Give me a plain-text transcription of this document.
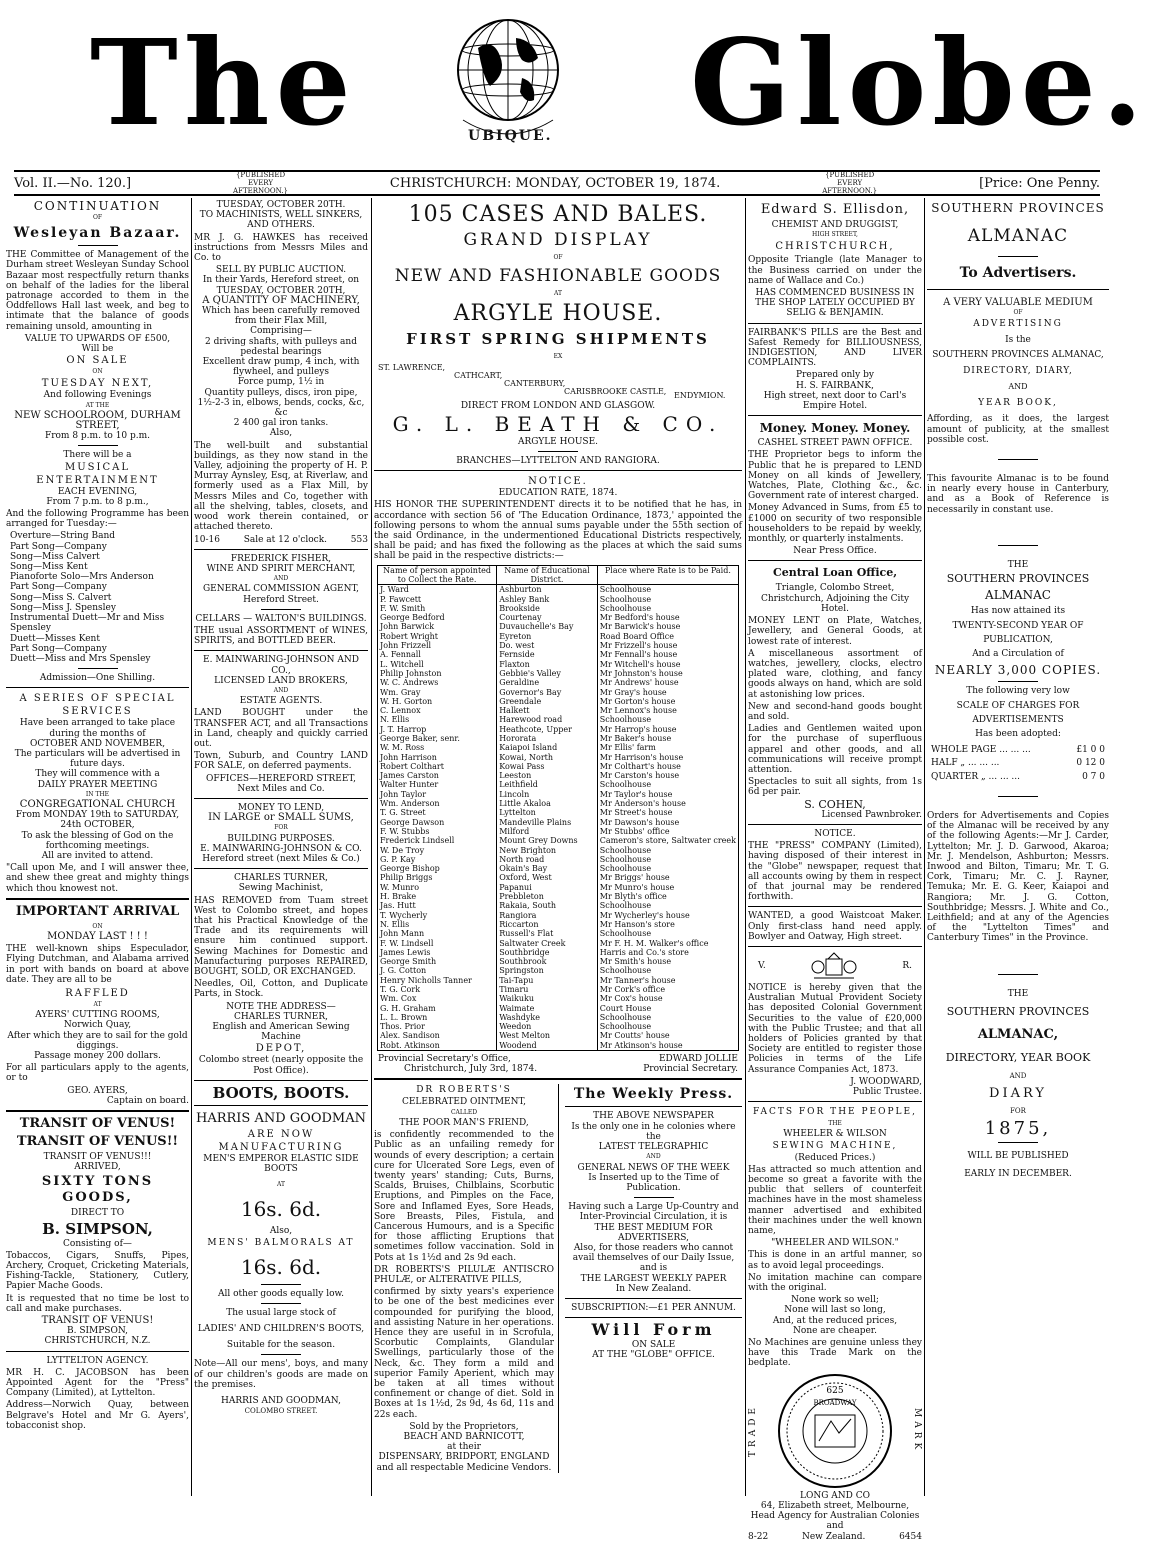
The	UBIQUE. Globe.
Vol. II.—No. 120.]
{PUBLISHED EVERY AFTERNOON.}
CHRISTCHURCH: MONDAY, OCTOBER 19, 1874.
{PUBLISHED EVERY AFTERNOON.}
[Price: One Penny.
CONTINUATION
OF
Wesleyan Bazaar.

THE Committee of Management of the Durham street Wesleyan Sunday School Bazaar most respectfully return thanks on behalf of the ladies for the liberal patronage accorded to them in the Oddfellows Hall last week, and beg to intimate that the balance of goods remaining unsold, amounting in

VALUE TO UPWARDS OF £500,
Will be
ON SALE
ON
TUESDAY NEXT,
And following Evenings
AT THE
NEW SCHOOLROOM, DURHAM STREET,
From 8 p.m. to 10 p.m.
There will be a
MUSICAL ENTERTAINMENT
EACH EVENING,
From 7 p.m. to 8 p.m.,

And the following Programme has been arranged for Tuesday:—

Overture—String Band
Part Song—Company
Song—Miss Calvert
Song—Miss Kent
Pianoforte Solo—Mrs Anderson
Part Song—Company
Song—Miss S. Calvert
Song—Miss J. Spensley
Instrumental Duett—Mr and Miss Spensley
Duett—Misses Kent
Part Song—Company
Duett—Miss and Mrs Spensley
Admission—One Shilling.
A SERIES OF SPECIAL SERVICES
Have been arranged to take place during the months of
OCTOBER AND NOVEMBER,
The particulars will be advertised in future days.
They will commence with a
DAILY PRAYER MEETING
IN THE
CONGREGATIONAL CHURCH
From MONDAY 19th to SATURDAY, 24th OCTOBER,
To ask the blessing of God on the forthcoming meetings.
All are invited to attend.

"Call upon Me, and I will answer thee, and shew thee great and mighty things which thou knowest not.

IMPORTANT ARRIVAL
ON
MONDAY LAST ! ! !

THE well-known ships Especulador, Flying Dutchman, and Alabama arrived in port with bands on board at above date. They are all to be

RAFFLED
AT
AYERS' CUTTING ROOMS,
Norwich Quay,
After which they are to sail for the gold diggings.
Passage money 200 dollars.

For all particulars apply to the agents, or to

GEO. AYERS,
Captain on board.
TRANSIT OF VENUS!
TRANSIT OF VENUS!!
TRANSIT OF VENUS!!!
ARRIVED,
SIXTY TONS GOODS,
DIRECT TO
B. SIMPSON,
Consisting of—

Tobaccos, Cigars, Snuffs, Pipes, Archery, Croquet, Cricketing Materials, Fishing-Tackle, Stationery, Cutlery, Papier Mache Goods.

It is requested that no time be lost to call and make purchases.

TRANSIT OF VENUS!
B. SIMPSON,
CHRISTCHURCH, N.Z.
LYTTELTON AGENCY.

MR H. C. JACOBSON has been Appointed Agent for the "Press" Company (Limited), at Lyttelton.

Address—Norwich Quay, between Belgrave's Hotel and Mr G. Ayers', tobacconist shop.

TUESDAY, OCTOBER 20TH.
TO MACHINISTS, WELL SINKERS, AND OTHERS.

MR J. G. HAWKES has received instructions from Messrs Miles and Co. to

SELL BY PUBLIC AUCTION.
In their Yards, Hereford street, on TUESDAY, OCTOBER 20TH,
A QUANTITY OF MACHINERY,
Which has been carefully removed from their Flax Mill,
Comprising—
2 driving shafts, with pulleys and pedestal bearings
Excellent draw pump, 4 inch, with flywheel, and pulleys
Force pump, 1½ in
Quantity pulleys, discs, iron pipe, 1½-2-3 in, elbows, bends, cocks, &c, &c
2 400 gal iron tanks.
Also,

The well-built and substantial buildings, as they now stand in the Valley, adjoining the property of H. P. Murray Aynsley, Esq, at Riverlaw, and formerly used as a Flax Mill, by Messrs Miles and Co, together with all the shelving, tables, closets, and wood work therein contained, or attached thereto.

10-16	Sale at 12 o'clock.	553
FREDERICK FISHER,
WINE AND SPIRIT MERCHANT,
AND
GENERAL COMMISSION AGENT,
Hereford Street.
CELLARS — WALTON'S BUILDINGS.

THE usual ASSORTMENT of WINES, SPIRITS, and BOTTLED BEER.

E. MAINWARING-JOHNSON AND CO.,
LICENSED LAND BROKERS,
AND
ESTATE AGENTS.

LAND BOUGHT under the TRANSFER ACT, and all Transactions in Land, cheaply and quickly carried out.

Town, Suburb, and Country LAND FOR SALE, on deferred payments.

OFFICES—HEREFORD STREET, Next Miles and Co.
MONEY TO LEND,
IN LARGE or SMALL SUMS,
FOR
BUILDING PURPOSES.
E. MAINWARING-JOHNSON & CO.
Hereford street (next Miles & Co.)
CHARLES TURNER,
Sewing Machinist,

HAS REMOVED from Tuam street West to Colombo street, and hopes that his Practical Knowledge of the Trade and its requirements will ensure him continued support. Sewing Machines for Domestic and Manufacturing purposes REPAIRED, BOUGHT, SOLD, OR EXCHANGED.

Needles, Oil, Cotton, and Duplicate Parts, in Stock.

NOTE THE ADDRESS—
CHARLES TURNER,
English and American Sewing Machine
DEPOT,
Colombo street (nearly opposite the Post Office).
BOOTS, BOOTS.
HARRIS AND GOODMAN
ARE NOW MANUFACTURING
MEN'S EMPEROR ELASTIC SIDE BOOTS
AT
16s. 6d.
Also,
MENS' BALMORALS AT
16s. 6d.
All other goods equally low.
The usual large stock of
LADIES' AND CHILDREN'S BOOTS,
Suitable for the season.

Note—All our mens', boys, and many of our children's goods are made on the premises.

HARRIS AND GOODMAN,
COLOMBO STREET.
105 CASES AND BALES.
GRAND DISPLAY
OF
NEW AND FASHIONABLE GOODS
AT
ARGYLE HOUSE.
FIRST SPRING SHIPMENTS
EX
ST. LAWRENCE,
CATHCART,
CANTERBURY,
CARISBROOKE CASTLE, ENDYMION.
DIRECT FROM LONDON AND GLASGOW.
G. L. BEATH & CO.
ARGYLE HOUSE.
BRANCHES—LYTTELTON AND RANGIORA.
NOTICE.
EDUCATION RATE, 1874.

HIS HONOR THE SUPERINTENDENT directs it to be notified that he has, in accordance with section 56 of 'The Education Ordinance, 1873,' appointed the following persons to whom the annual sums payable under the 55th section of the said Ordinance, in the undermentioned Educational Districts respectively, shall be paid; and has fixed the following as the places at which the said sums shall be paid in the respective districts:—

Name of person appointed to Collect the Rate.	Name of Educational District.	Place where Rate is to be Paid.
J. Ward	Ashburton	Schoolhouse
P. Fawcett	Ashley Bank	Schoolhouse
F. W. Smith	Brookside	Schoolhouse
George Bedford	Courtenay	Mr Bedford's house
John Barwick	Duvauchelle's Bay	Mr Barwick's house
Robert Wright	Eyreton	Road Board Office
John Frizzell	Do. west	Mr Frizzell's house
A. Fennall	Fernside	Mr Fennall's house
L. Witchell	Flaxton	Mr Witchell's house
Philip Johnston	Gebbie's Valley	Mr Johnston's house
W. C. Andrews	Geraldine	Mr Andrews' house
Wm. Gray	Governor's Bay	Mr Gray's house
W. H. Gorton	Greendale	Mr Gorton's house
C. Lennox	Halkett	Mr Lennox's house
N. Ellis	Harewood road	Schoolhouse
J. T. Harrop	Heathcote, Upper	Mr Harrop's house
George Baker, senr.	Hororata	Mr Baker's house
W. M. Ross	Kaiapoi Island	Mr Ellis' farm
John Harrison	Kowai, North	Mr Harrison's house
Robert Colthart	Kowai Pass	Mr Colthart's house
James Carston	Leeston	Mr Carston's house
Walter Hunter	Leithfield	Schoolhouse
John Taylor	Lincoln	Mr Taylor's house
Wm. Anderson	Little Akaloa	Mr Anderson's house
T. G. Street	Lyttelton	Mr Street's house
George Dawson	Mandeville Plains	Mr Dawson's house
F. W. Stubbs	Milford	Mr Stubbs' office
Frederick Lindsell	Mount Grey Downs	Cameron's store, Saltwater creek
W. De Troy	New Brighton	Schoolhouse
G. P. Kay	North road	Schoolhouse
George Bishop	Okain's Bay	Schoolhouse
Philip Briggs	Oxford, West	Mr Briggs' house
W. Munro	Papanui	Mr Munro's house
H. Brake	Prebbleton	Mr Blyth's office
Jas. Hutt	Rakaia, South	Schoolhouse
T. Wycherly	Rangiora	Mr Wycherley's house
N. Ellis	Riccarton	Mr Hanson's store
John Mann	Russell's Flat	Schoolhouse
F. W. Lindsell	Saltwater Creek	Mr F. H. M. Walker's office
James Lewis	Southbridge	Harris and Co.'s store
George Smith	Southbrook	Mr Smith's house
J. G. Cotton	Springston	Schoolhouse
Henry Nicholls Tanner	Tai-Tapu	Mr Tanner's house
T. G. Cork	Timaru	Mr Cork's office
Wm. Cox	Waikuku	Mr Cox's house
G. H. Graham	Waimate	Court House
L. L. Brown	Washdyke	Schoolhouse
Thos. Prior	Weedon	Schoolhouse
Alex. Sandison	West Melton	Mr Coutts' house
Robt. Atkinson	Woodend	Mr Atkinson's house
Provincial Secretary's Office,	EDWARD JOLLIE
Christchurch, July 3rd, 1874.	Provincial Secretary.
DR ROBERTS'S
CELEBRATED OINTMENT,
CALLED
THE POOR MAN'S FRIEND,

is confidently recommended to the Public as an unfailing remedy for wounds of every description; a certain cure for Ulcerated Sore Legs, even of twenty years' standing; Cuts, Burns, Scalds, Bruises, Chilblains, Scorbutic Eruptions, and Pimples on the Face, Sore and Inflamed Eyes, Sore Heads, Sore Breasts, Piles, Fistula, and Cancerous Humours, and is a Specific for those afflicting Eruptions that sometimes follow vaccination. Sold in Pots at 1s 1½d and 2s 9d each.

DR ROBERTS'S PILULÆ ANTISCRO PHULÆ, or ALTERATIVE PILLS,

confirmed by sixty years's experience to be one of the best medicines ever compounded for purifying the blood, and assisting Nature in her operations. Hence they are useful in in Scrofula, Scorbutic Complaints, Glandular Swellings, particularly those of the Neck, &c. They form a mild and superior Family Aperient, which may be taken at all times without confinement or change of diet. Sold in Boxes at 1s 1½d, 2s 9d, 4s 6d, 11s and 22s each.

Sold by the Proprietors,
BEACH AND BARNICOTT,
at their
DISPENSARY, BRIDPORT, ENGLAND
and all respectable Medicine Vendors.
The Weekly Press.
THE ABOVE NEWSPAPER
Is the only one in he colonies where the
LATEST TELEGRAPHIC
AND
GENERAL NEWS OF THE WEEK
Is Inserted up to the Time of Publication.
Having such a Large Up-Country and Inter-Provincial Circulation, it is
THE BEST MEDIUM FOR ADVERTISERS,
Also, for those readers who cannot avail themselves of our Daily Issue, and is
THE LARGEST WEEKLY PAPER
In New Zealand.
SUBSCRIPTION:—£1 PER ANNUM.
Will Form
ON SALE
AT THE "GLOBE" OFFICE.
Edward S. Ellisdon,
CHEMIST AND DRUGGIST,
HIGH STREET,
CHRISTCHURCH,

Opposite Triangle (late Manager to the Business carried on under the name of Wallace and Co.)

HAS COMMENCED BUSINESS IN THE SHOP LATELY OCCUPIED BY
SELIG & BENJAMIN.

FAIRBANK'S PILLS are the Best and Safest Remedy for BILLIOUSNESS, INDIGESTION, AND LIVER COMPLAINTS.

Prepared only by
H. S. FAIRBANK,
High street, next door to Carl's Empire Hotel.
Money. Money. Money.
CASHEL STREET PAWN OFFICE.

THE Proprietor begs to inform the Public that he is prepared to LEND Money on all kinds of Jewellery, Watches, Plate, Clothing &c., &c. Government rate of interest charged.

Money Advanced in Sums, from £5 to £1000 on security of two responsible householders to be repaid by weekly, monthly, or quarterly instalments.

Near Press Office.
Central Loan Office,
Triangle, Colombo Street, Christchurch, Adjoining the City Hotel.

MONEY LENT on Plate, Watches, Jewellery, and General Goods, at lowest rate of interest.

A miscellaneous assortment of watches, jewellery, clocks, electro plated ware, clothing, and fancy goods always on hand, which are sold at astonishing low prices.

New and second-hand goods bought and sold.

Ladies and Gentlemen waited upon for the purchase of superfluous apparel and other goods, and all communications will receive prompt attention.

Spectacles to suit all sights, from 1s 6d per pair.

S. COHEN,
Licensed Pawnbroker.
NOTICE.

THE "PRESS" COMPANY (Limited), having disposed of their interest in the "Globe" newspaper, request that all accounts owing by them in respect of that journal may be rendered forthwith.

WANTED, a good Waistcoat Maker. Only first-class hand need apply. Bowlyer and Oatway, High street.

V.	R.

NOTICE is hereby given that the Australian Mutual Provident Society has deposited Colonial Government Securities to the value of £20,000 with the Public Trustee; and that all holders of Policies granted by that Society are entitled to register those Policies in terms of the Life Assurance Companies Act, 1873.

J. WOODWARD,
Public Trustee.
FACTS FOR THE PEOPLE,
THE
WHEELER & WILSON
SEWING MACHINE,
(Reduced Prices.)

Has attracted so much attention and become so great a favorite with the public that sellers of counterfeit machines have in the most shameless manner advertised and exhibited their machines under the well known name,

"WHEELER AND WILSON."

This is done in an artful manner, so as to avoid legal proceedings.

No imitation machine can compare with the original.

None work so well;
None will last so long,
And, at the reduced prices,
None are cheaper.

No Machines are genuine unless they have this Trade Mark on the bedplate.

TRADE
625
BROADWAY
MARK
LONG AND CO
64, Elizabeth street, Melbourne,
Head Agency for Australian Colonies and
8-22	New Zealand.	6454
SOUTHERN PROVINCES
ALMANAC
To Advertisers.
A VERY VALUABLE MEDIUM
OF
ADVERTISING
Is the
SOUTHERN PROVINCES ALMANAC,
DIRECTORY, DIARY,
AND
YEAR BOOK,

Affording, as it does, the largest amount of publicity, at the smallest possible cost.

This favourite Almanac is to be found in nearly every house in Canterbury, and as a Book of Reference is necessarily in constant use.

THE
SOUTHERN PROVINCES
ALMANAC
Has now attained its
TWENTY-SECOND YEAR OF
PUBLICATION,
And a Circulation of
NEARLY 3,000 COPIES.
The following very low
SCALE OF CHARGES FOR
ADVERTISEMENTS
Has been adopted:
WHOLE PAGE ... ... ...	£1 0 0
HALF „ ... ... ...	0 12 0
QUARTER „ ... ... ...	0 7 0

Orders for Advertisements and Copies of the Almanac will be received by any of the following Agents:—Mr J. Carder, Lyttelton; Mr. J. D. Garwood, Akaroa; Mr. J. Mendelson, Ashburton; Messrs. Inwood and Bilton, Timaru; Mr. T. G. Cork, Timaru; Mr. C. J. Rayner, Temuka; Mr. E. G. Keer, Kaiapoi and Rangiora; Mr. J. G. Cotton, Southbridge; Messrs. J. White and Co., Leithfield; and at any of the Agencies of the "Lyttelton Times" and Canterbury Times" in the Province.

THE
SOUTHERN PROVINCES
ALMANAC,
DIRECTORY, YEAR BOOK
AND
DIARY
FOR
1875,
WILL BE PUBLISHED
EARLY IN DECEMBER.
